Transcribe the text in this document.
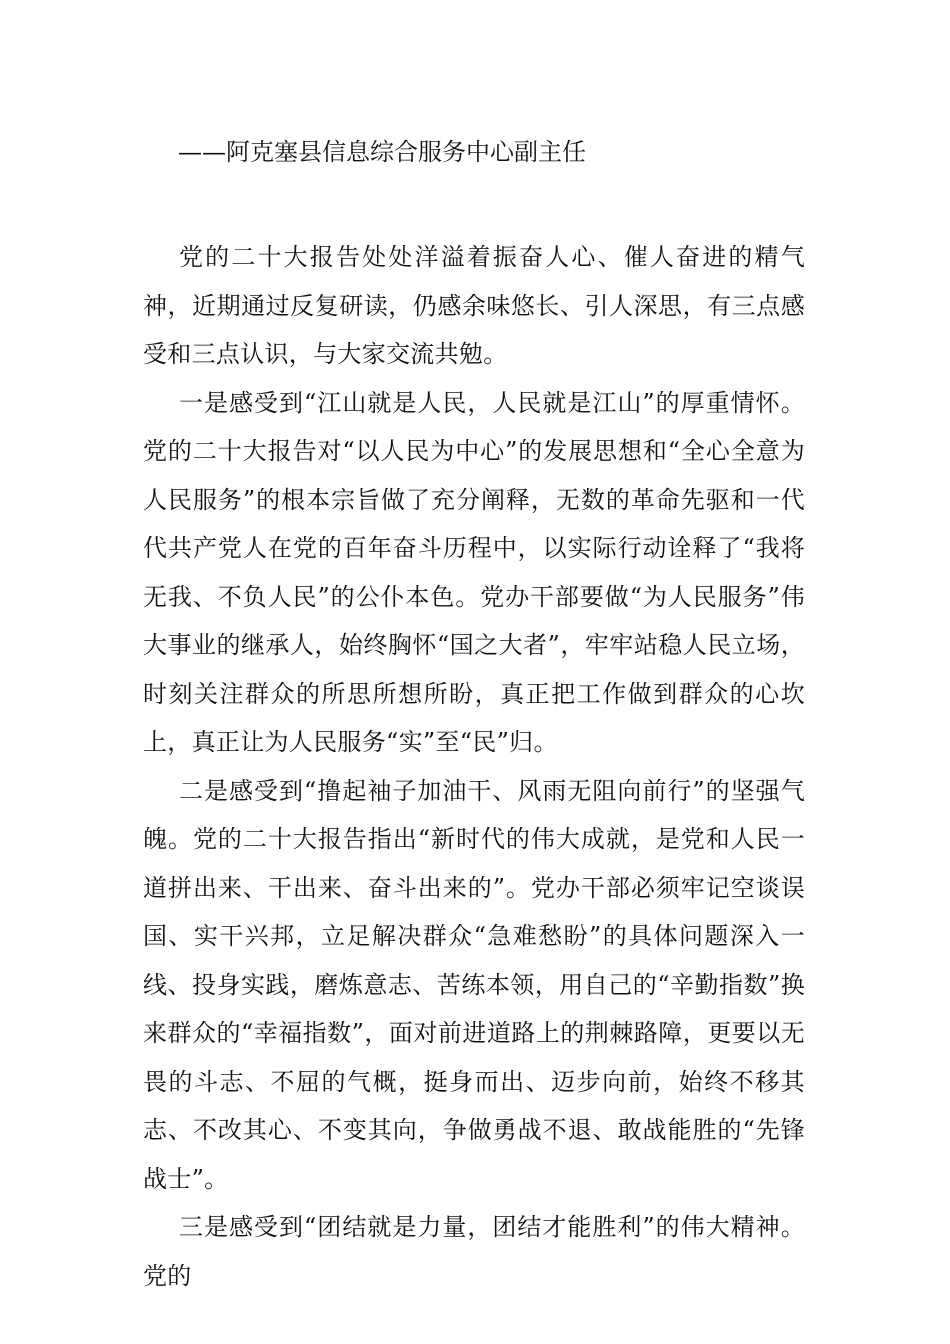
——阿克塞县信息综合服务中心副主任

党的二十大报告处处洋溢着振奋人心、催人奋进的精气神，近期通过反复研读，仍感余味悠长、引人深思，有三点感受和三点认识，与大家交流共勉。

一是感受到“江山就是人民，人民就是江山”的厚重情怀。党的二十大报告对“以人民为中心”的发展思想和“全心全意为人民服务”的根本宗旨做了充分阐释，无数的革命先驱和一代代共产党人在党的百年奋斗历程中，以实际行动诠释了“我将无我、不负人民”的公仆本色。党办干部要做“为人民服务”伟大事业的继承人，始终胸怀“国之大者”，牢牢站稳人民立场，时刻关注群众的所思所想所盼，真正把工作做到群众的心坎上，真正让为人民服务“实”至“民”归。

二是感受到“撸起袖子加油干、风雨无阻向前行”的坚强气魄。党的二十大报告指出“新时代的伟大成就，是党和人民一道拼出来、干出来、奋斗出来的”。党办干部必须牢记空谈误国、实干兴邦，立足解决群众“急难愁盼”的具体问题深入一线、投身实践，磨炼意志、苦练本领，用自己的“辛勤指数”换来群众的“幸福指数”，面对前进道路上的荆棘路障，更要以无畏的斗志、不屈的气概，挺身而出、迈步向前，始终不移其志、不改其心、不变其向，争做勇战不退、敢战能胜的“先锋战士”。

三是感受到“团结就是力量，团结才能胜利”的伟大精神。党的
